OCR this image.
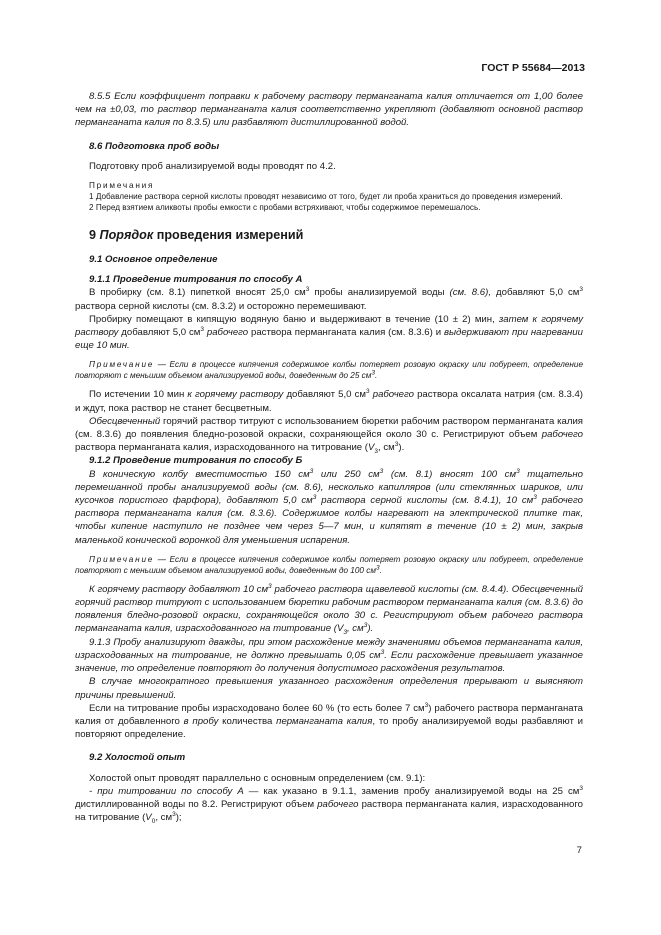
ГОСТ Р 55684—2013

8.5.5 Если коэффициент поправки к рабочему раствору перманганата калия отличается от 1,00 более чем на ±0,03, то раствор перманганата калия соответственно укрепляют (добавляют основной раствор перманганата калия по 8.3.5) или разбавляют дистиллированной водой.

8.6 Подготовка проб воды

Подготовку проб анализируемой воды проводят по 4.2.

Примечания

1 Добавление раствора серной кислоты проводят независимо от того, будет ли проба храниться до проведения измерений.

2 Перед взятием аликвоты пробы емкости с пробами встряхивают, чтобы содержимое перемешалось.

9 Порядок проведения измерений

9.1 Основное определение

9.1.1 Проведение титрования по способу А

В пробирку (см. 8.1) пипеткой вносят 25,0 $см^3$ пробы анализируемой воды (см. 8.6), добавляют 5,0 $см^3$ раствора серной кислоты (см. 8.3.2) и осторожно перемешивают.

Пробирку помещают в кипящую водяную баню и выдерживают в течение (10 ± 2) мин, затем к горячему раствору добавляют 5,0 $см^3$ рабочего раствора перманганата калия (см. 8.3.6) и выдерживают при нагревании еще 10 мин.

Примечание — Если в процессе кипячения содержимое колбы потеряет розовую окраску или побуреет, определение повторяют с меньшим объемом анализируемой воды, доведенным до 25 $см^3$.

По истечении 10 мин к горячему раствору добавляют 5,0 $см^3$ рабочего раствора оксалата натрия (см. 8.3.4) и ждут, пока раствор не станет бесцветным.

Обесцвеченный горячий раствор титруют с использованием бюретки рабочим раствором перманганата калия (см. 8.3.6) до появления бледно-розовой окраски, сохраняющейся около 30 с. Регистрируют объем рабочего раствора перманганата калия, израсходованного на титрование ($V_3$, $см^3$).

9.1.2 Проведение титрования по способу Б

В коническую колбу вместимостью 150 $см^3$ или 250 $см^3$ (см. 8.1) вносят 100 $см^3$ тщательно перемешанной пробы анализируемой воды (см. 8.6), несколько капилляров (или стеклянных шариков, или кусочков пористого фарфора), добавляют 5,0 $см^3$ раствора серной кислоты (см. 8.4.1), 10 $см^3$ рабочего раствора перманганата калия (см. 8.3.6). Содержимое колбы нагревают на электрической плитке так, чтобы кипение наступило не позднее чем через 5—7 мин, и кипятят в течение (10 ± 2) мин, закрыв маленькой конической воронкой для уменьшения испарения.

Примечание — Если в процессе кипячения содержимое колбы потеряет розовую окраску или побуреет, определение повторяют с меньшим объемом анализируемой воды, доведенным до 100 $см^3$.

К горячему раствору добавляют 10 $см^3$ рабочего раствора щавелевой кислоты (см. 8.4.4). Обесцвеченный горячий раствор титруют с использованием бюретки рабочим раствором перманганата калия (см. 8.3.6) до появления бледно-розовой окраски, сохраняющейся около 30 с. Регистрируют объем рабочего раствора перманганата калия, израсходованного на титрование ($V_3$, $см^3$).

9.1.3 Пробу анализируют дважды, при этом расхождение между значениями объемов перманганата калия, израсходованных на титрование, не должно превышать 0,05 $см^3$. Если расхождение превышает указанное значение, то определение повторяют до получения допустимого расхождения результатов.

В случае многократного превышения указанного расхождения определения прерывают и выясняют причины превышений.

Если на титрование пробы израсходовано более 60 % (то есть более 7 $см^3$) рабочего раствора перманганата калия от добавленного в пробу количества перманганата калия, то пробу анализируемой воды разбавляют и повторяют определение.

9.2 Холостой опыт

Холостой опыт проводят параллельно с основным определением (см. 9.1):

- при титровании по способу А — как указано в 9.1.1, заменив пробу анализируемой воды на 25 $см^3$ дистиллированной воды по 8.2. Регистрируют объем рабочего раствора перманганата калия, израсходованного на титрование ($V_0$, $см^3$);

7
